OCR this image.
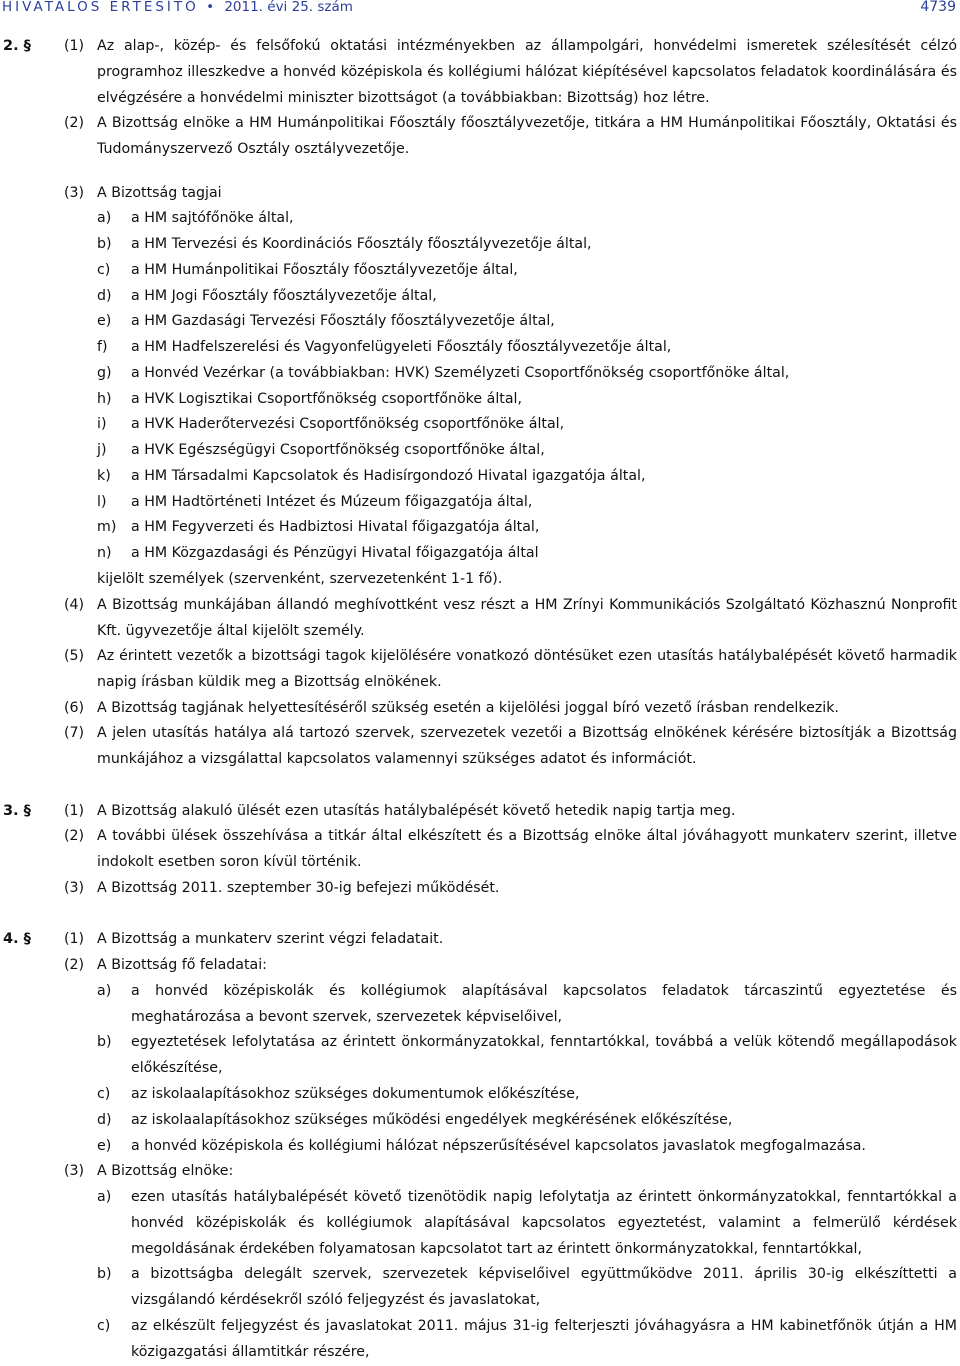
HIVATALOS ÉRTESÍTŐ • 2011. évi 25. szám	4739
2. § (1) Az alap-, közép- és felsőfokú oktatási intézményekben az állampolgári, honvédelmi ismeretek szélesítését célzó programhoz illeszkedve a honvéd középiskola és kollégiumi hálózat kiépítésével kapcsolatos feladatok koordinálására és elvégzésére a honvédelmi miniszter bizottságot (a továbbiakban: Bizottság) hoz létre.
(2) A Bizottság elnöke a HM Humánpolitikai Főosztály főosztályvezetője, titkára a HM Humánpolitikai Főosztály, Oktatási és Tudományszervező Osztály osztályvezetője.
(3) A Bizottság tagjai
a) a HM sajtófőnöke által,
b) a HM Tervezési és Koordinációs Főosztály főosztályvezetője által,
c) a HM Humánpolitikai Főosztály főosztályvezetője által,
d) a HM Jogi Főosztály főosztályvezetője által,
e) a HM Gazdasági Tervezési Főosztály főosztályvezetője által,
f) a HM Hadfelszerelési és Vagyonfelügyeleti Főosztály főosztályvezetője által,
g) a Honvéd Vezérkar (a továbbiakban: HVK) Személyzeti Csoportfőnökség csoportfőnöke által,
h) a HVK Logisztikai Csoportfőnökség csoportfőnöke által,
i) a HVK Haderőtervezési Csoportfőnökség csoportfőnöke által,
j) a HVK Egészségügyi Csoportfőnökség csoportfőnöke által,
k) a HM Társadalmi Kapcsolatok és Hadisírgondozó Hivatal igazgatója által,
l) a HM Hadtörténeti Intézet és Múzeum főigazgatója által,
m) a HM Fegyverzeti és Hadbiztosi Hivatal főigazgatója által,
n) a HM Közgazdasági és Pénzügyi Hivatal főigazgatója által
kijelölt személyek (szervenként, szervezetenként 1-1 fő).
(4) A Bizottság munkájában állandó meghívottként vesz részt a HM Zrínyi Kommunikációs Szolgáltató Közhasznú Nonprofit Kft. ügyvezetője által kijelölt személy.
(5) Az érintett vezetők a bizottsági tagok kijelölésére vonatkozó döntésüket ezen utasítás hatálybalépését követő harmadik napig írásban küldik meg a Bizottság elnökének.
(6) A Bizottság tagjának helyettesítéséről szükség esetén a kijelölési joggal bíró vezető írásban rendelkezik.
(7) A jelen utasítás hatálya alá tartozó szervek, szervezetek vezetői a Bizottság elnökének kérésére biztosítják a Bizottság munkájához a vizsgálattal kapcsolatos valamennyi szükséges adatot és információt.
3. § (1) A Bizottság alakuló ülését ezen utasítás hatálybalépését követő hetedik napig tartja meg.
(2) A további ülések összehívása a titkár által elkészített és a Bizottság elnöke által jóváhagyott munkaterv szerint, illetve indokolt esetben soron kívül történik.
(3) A Bizottság 2011. szeptember 30-ig befejezi működését.
4. § (1) A Bizottság a munkaterv szerint végzi feladatait.
(2) A Bizottság fő feladatai:
a) a honvéd középiskolák és kollégiumok alapításával kapcsolatos feladatok tárcaszintű egyeztetése és meghatározása a bevont szervek, szervezetek képviselőivel,
b) egyeztetések lefolytatása az érintett önkormányzatokkal, fenntartókkal, továbbá a velük kötendő megállapodások előkészítése,
c) az iskolaalapításokhoz szükséges dokumentumok előkészítése,
d) az iskolaalapításokhoz szükséges működési engedélyek megkérésének előkészítése,
e) a honvéd középiskola és kollégiumi hálózat népszerűsítésével kapcsolatos javaslatok megfogalmazása.
(3) A Bizottság elnöke:
a) ezen utasítás hatálybalépését követő tizenötödik napig lefolytatja az érintett önkormányzatokkal, fenntartókkal a honvéd középiskolák és kollégiumok alapításával kapcsolatos egyeztetést, valamint a felmerülő kérdések megoldásának érdekében folyamatosan kapcsolatot tart az érintett önkormányzatokkal, fenntartókkal,
b) a bizottságba delegált szervek, szervezetek képviselőivel együttműködve 2011. április 30-ig elkészíttetti a vizsgálandó kérdésekről szóló feljegyzést és javaslatokat,
c) az elkészült feljegyzést és javaslatokat 2011. május 31-ig felterjeszti jóváhagyásra a HM kabinetfőnök útján a HM közigazgatási államtitkár részére,
